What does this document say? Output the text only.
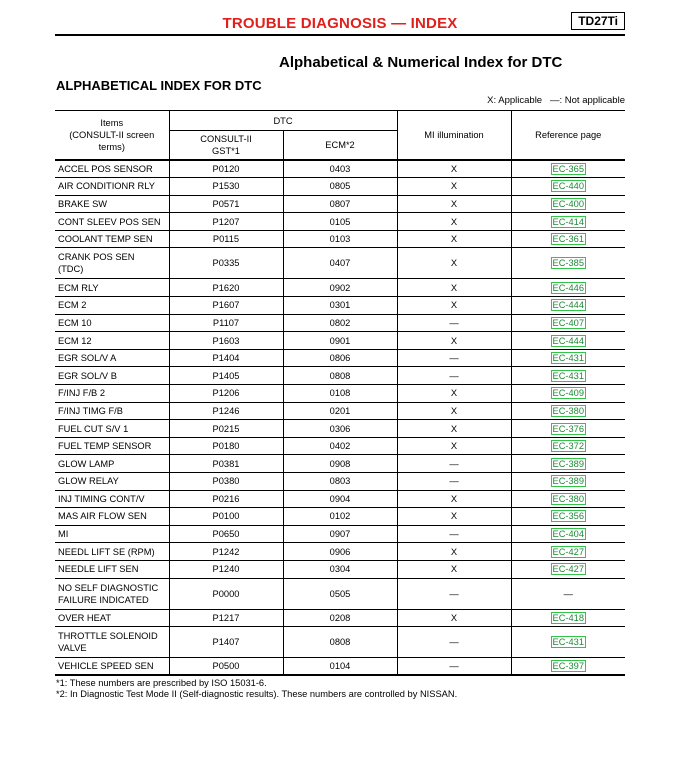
TROUBLE DIAGNOSIS — INDEX	TD27Ti
Alphabetical & Numerical Index for DTC
ALPHABETICAL INDEX FOR DTC
X: Applicable   —: Not applicable
Items
(CONSULT-II screen
terms)	DTC		MI illumination	Reference page
	CONSULT-II
GST*1	ECM*2		
ACCEL POS SENSOR	P0120	0403	X	EC-365
AIR CONDITIONR RLY	P1530	0805	X	EC-440
BRAKE SW	P0571	0807	X	EC-400
CONT SLEEV POS SEN	P1207	0105	X	EC-414
COOLANT TEMP SEN	P0115	0103	X	EC-361
CRANK POS SEN
(TDC)	P0335	0407	X	EC-385
ECM RLY	P1620	0902	X	EC-446
ECM 2	P1607	0301	X	EC-444
ECM 10	P1107	0802	—	EC-407
ECM 12	P1603	0901	X	EC-444
EGR SOL/V A	P1404	0806	—	EC-431
EGR SOL/V B	P1405	0808	—	EC-431
F/INJ F/B 2	P1206	0108	X	EC-409
F/INJ TIMG F/B	P1246	0201	X	EC-380
FUEL CUT S/V 1	P0215	0306	X	EC-376
FUEL TEMP SENSOR	P0180	0402	X	EC-372
GLOW LAMP	P0381	0908	—	EC-389
GLOW RELAY	P0380	0803	—	EC-389
INJ TIMING CONT/V	P0216	0904	X	EC-380
MAS AIR FLOW SEN	P0100	0102	X	EC-356
MI	P0650	0907	—	EC-404
NEEDL LIFT SE (RPM)	P1242	0906	X	EC-427
NEEDLE LIFT SEN	P1240	0304	X	EC-427
NO SELF DIAGNOSTIC
FAILURE INDICATED	P0000	0505	—	—
OVER HEAT	P1217	0208	X	EC-418
THROTTLE SOLENOID
VALVE	P1407	0808	—	EC-431
VEHICLE SPEED SEN	P0500	0104	—	EC-397
*1: These numbers are prescribed by ISO 15031-6.
*2: In Diagnostic Test Mode II (Self-diagnostic results). These numbers are controlled by NISSAN.
